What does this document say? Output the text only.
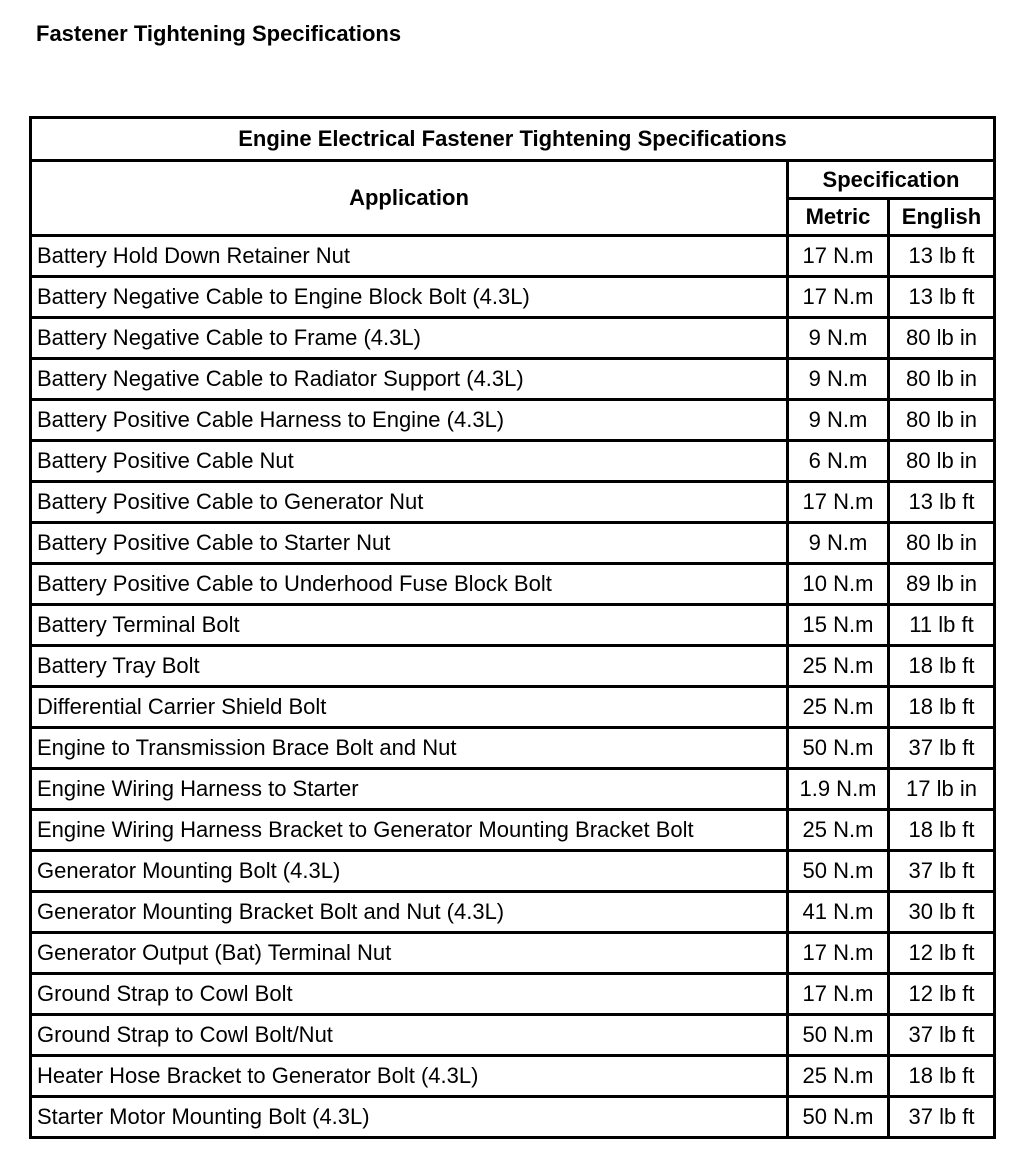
Fastener Tightening Specifications
Engine Electrical Fastener Tightening Specifications		
Application	Specification	
	Metric	English
Battery Hold Down Retainer Nut	17 N.m	13 lb ft
Battery Negative Cable to Engine Block Bolt (4.3L)	17 N.m	13 lb ft
Battery Negative Cable to Frame (4.3L)	9 N.m	80 lb in
Battery Negative Cable to Radiator Support (4.3L)	9 N.m	80 lb in
Battery Positive Cable Harness to Engine (4.3L)	9 N.m	80 lb in
Battery Positive Cable Nut	6 N.m	80 lb in
Battery Positive Cable to Generator Nut	17 N.m	13 lb ft
Battery Positive Cable to Starter Nut	9 N.m	80 lb in
Battery Positive Cable to Underhood Fuse Block Bolt	10 N.m	89 lb in
Battery Terminal Bolt	15 N.m	11 lb ft
Battery Tray Bolt	25 N.m	18 lb ft
Differential Carrier Shield Bolt	25 N.m	18 lb ft
Engine to Transmission Brace Bolt and Nut	50 N.m	37 lb ft
Engine Wiring Harness to Starter	1.9 N.m	17 lb in
Engine Wiring Harness Bracket to Generator Mounting Bracket Bolt	25 N.m	18 lb ft
Generator Mounting Bolt (4.3L)	50 N.m	37 lb ft
Generator Mounting Bracket Bolt and Nut (4.3L)	41 N.m	30 lb ft
Generator Output (Bat) Terminal Nut	17 N.m	12 lb ft
Ground Strap to Cowl Bolt	17 N.m	12 lb ft
Ground Strap to Cowl Bolt/Nut	50 N.m	37 lb ft
Heater Hose Bracket to Generator Bolt (4.3L)	25 N.m	18 lb ft
Starter Motor Mounting Bolt (4.3L)	50 N.m	37 lb ft
